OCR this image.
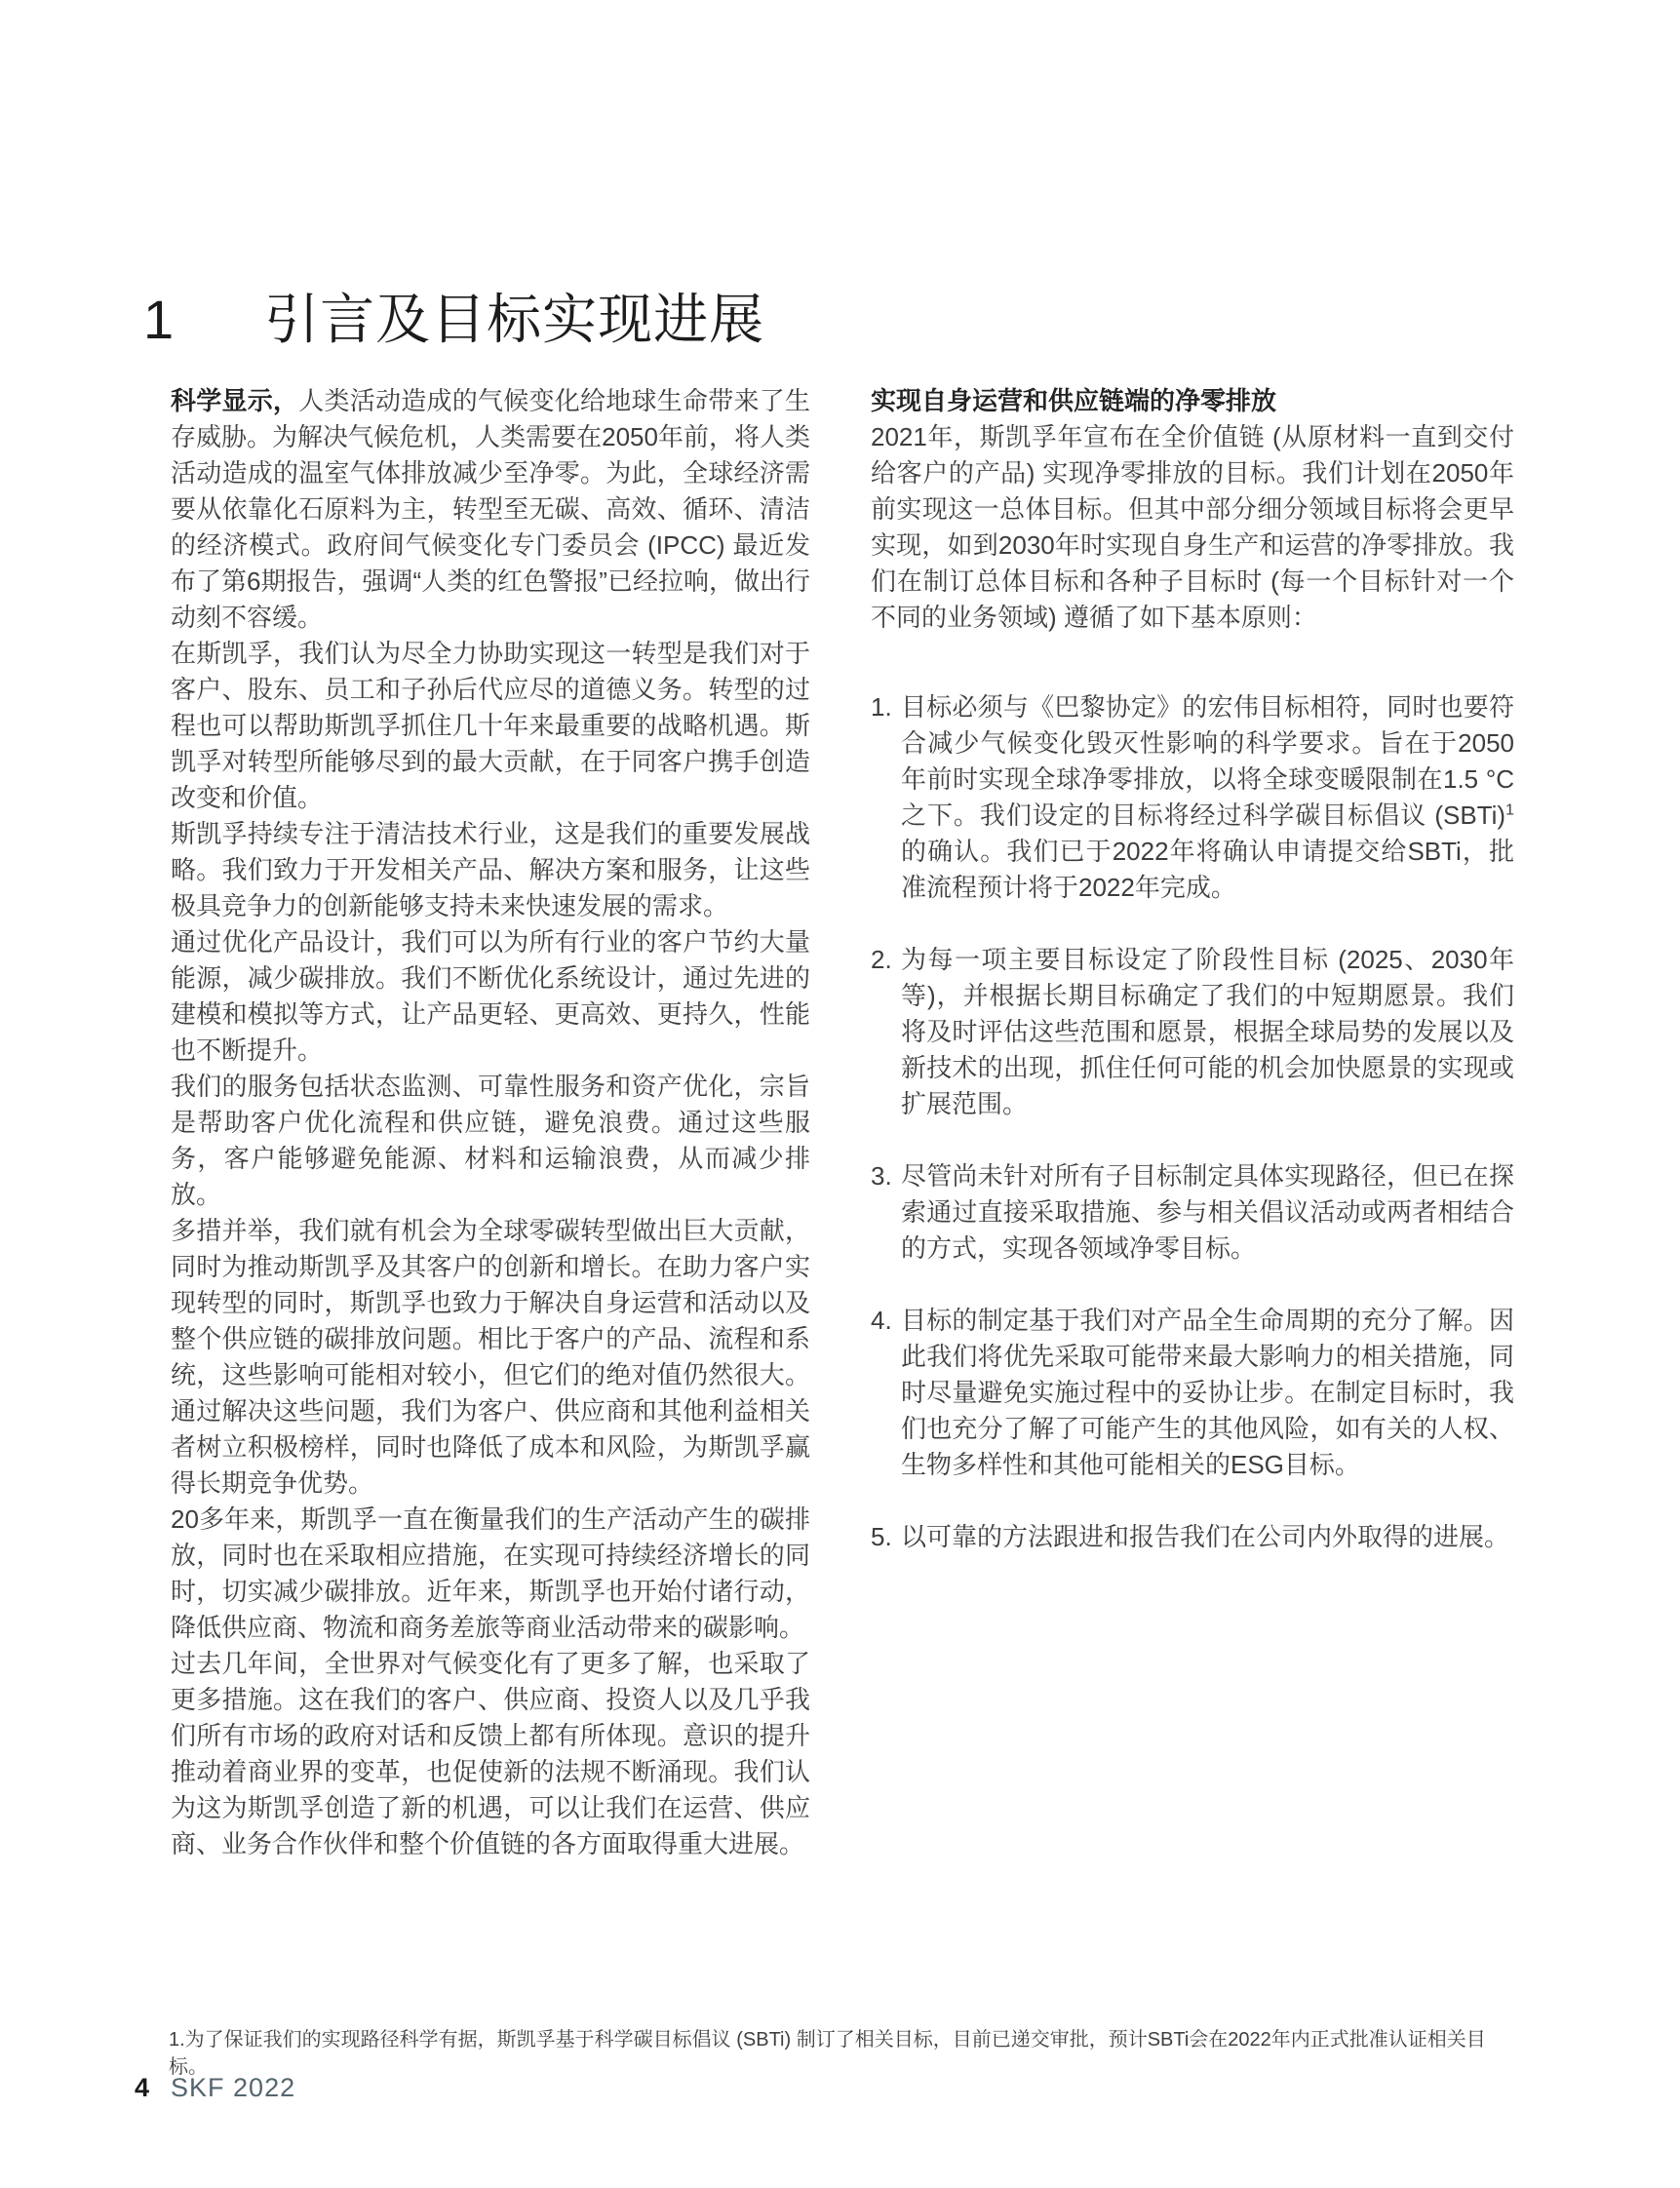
1 引言及目标实现进展

科学显示，人类活动造成的气候变化给地球生命带来了生存威胁。为解决气候危机，人类需要在2050年前，将人类活动造成的温室气体排放减少至净零。为此，全球经济需要从依靠化石原料为主，转型至无碳、高效、循环、清洁的经济模式。政府间气候变化专门委员会 (IPCC) 最近发布了第6期报告，强调“人类的红色警报”已经拉响，做出行动刻不容缓。

在斯凯孚，我们认为尽全力协助实现这一转型是我们对于客户、股东、员工和子孙后代应尽的道德义务。转型的过程也可以帮助斯凯孚抓住几十年来最重要的战略机遇。斯凯孚对转型所能够尽到的最大贡献，在于同客户携手创造改变和价值。

斯凯孚持续专注于清洁技术行业，这是我们的重要发展战略。我们致力于开发相关产品、解决方案和服务，让这些极具竞争力的创新能够支持未来快速发展的需求。

通过优化产品设计，我们可以为所有行业的客户节约大量能源，减少碳排放。我们不断优化系统设计，通过先进的建模和模拟等方式，让产品更轻、更高效、更持久，性能也不断提升。

我们的服务包括状态监测、可靠性服务和资产优化，宗旨是帮助客户优化流程和供应链，避免浪费。通过这些服务，客户能够避免能源、材料和运输浪费，从而减少排放。

多措并举，我们就有机会为全球零碳转型做出巨大贡献，同时为推动斯凯孚及其客户的创新和增长。在助力客户实现转型的同时，斯凯孚也致力于解决自身运营和活动以及整个供应链的碳排放问题。相比于客户的产品、流程和系统，这些影响可能相对较小，但它们的绝对值仍然很大。通过解决这些问题，我们为客户、供应商和其他利益相关者树立积极榜样，同时也降低了成本和风险，为斯凯孚赢得长期竞争优势。

20多年来，斯凯孚一直在衡量我们的生产活动产生的碳排放，同时也在采取相应措施，在实现可持续经济增长的同时，切实减少碳排放。近年来，斯凯孚也开始付诸行动，降低供应商、物流和商务差旅等商业活动带来的碳影响。

过去几年间，全世界对气候变化有了更多了解，也采取了更多措施。这在我们的客户、供应商、投资人以及几乎我们所有市场的政府对话和反馈上都有所体现。意识的提升推动着商业界的变革，也促使新的法规不断涌现。我们认为这为斯凯孚创造了新的机遇，可以让我们在运营、供应商、业务合作伙伴和整个价值链的各方面取得重大进展。

实现自身运营和供应链端的净零排放

2021年，斯凯孚年宣布在全价值链 (从原材料一直到交付给客户的产品) 实现净零排放的目标。我们计划在2050年前实现这一总体目标。但其中部分细分领域目标将会更早实现，如到2030年时实现自身生产和运营的净零排放。我们在制订总体目标和各种子目标时 (每一个目标针对一个不同的业务领域) 遵循了如下基本原则：

1. 目标必须与《巴黎协定》的宏伟目标相符，同时也要符合减少气候变化毁灭性影响的科学要求。旨在于2050年前时实现全球净零排放，以将全球变暖限制在1.5 °C之下。我们设定的目标将经过科学碳目标倡议 (SBTi)$^1$的确认。我们已于2022年将确认申请提交给SBTi，批准流程预计将于2022年完成。
2. 为每一项主要目标设定了阶段性目标 (2025、2030年等)，并根据长期目标确定了我们的中短期愿景。我们将及时评估这些范围和愿景，根据全球局势的发展以及新技术的出现，抓住任何可能的机会加快愿景的实现或扩展范围。
3. 尽管尚未针对所有子目标制定具体实现路径，但已在探索通过直接采取措施、参与相关倡议活动或两者相结合的方式，实现各领域净零目标。
4. 目标的制定基于我们对产品全生命周期的充分了解。因此我们将优先采取可能带来最大影响力的相关措施，同时尽量避免实施过程中的妥协让步。在制定目标时，我们也充分了解了可能产生的其他风险，如有关的人权、生物多样性和其他可能相关的ESG目标。
5. 以可靠的方法跟进和报告我们在公司内外取得的进展。
1.为了保证我们的实现路径科学有据，斯凯孚基于科学碳目标倡议 (SBTi) 制订了相关目标，目前已递交审批，预计SBTi会在2022年内正式批准认证相关目标。
4 SKF 2022
